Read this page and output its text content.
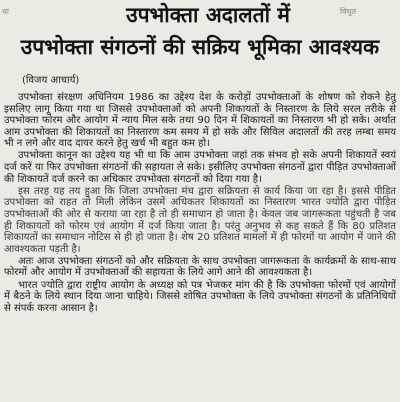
धा	विधुत
उपभोक्ता अदालतों में
उपभोक्ता संगठनों की सक्रिय भूमिका आवश्यक
(विजय आचार्य)

उपभोक्ता संरक्षण अधिनियम 1986 का उद्देश्य देश के करोड़ों उपभोक्ताओं के शोषण को रोकने हेतु इसलिए लागू किया गया था जिससे उपभोक्ताओं को अपनी शिकायतों के निस्तारण के लिये सरल तरीके से उपभोक्ता फोरम और आयोग में न्याय मिल सके तथा 90 दिन में शिकायतों का निस्तारण भी हो सके। अर्थात आम उपभोक्ता की शिकायतों का निस्तारण कम समय में हो सके और सिविल अदालतों की तरह लम्बा समय भी न लगे और वाद दायर करने हेतु खर्च भी बहुत कम हो।

उपभोक्ता कानून का उद्देश्य यह भी था कि आम उपभोक्ता जहां तक संभव हो सके अपनी शिकायतें स्वयं दर्ज करें या फिर उपभोक्ता संगठनों की सहायता ले सके। इसीलिए उपभोक्ता संगठनों द्वारा पीड़ित उपभोक्ताओं की शिकायतें दर्ज करने का अधिकार उपभोक्ता संगठनों को दिया गया है।

इस तरह यह तय हुआ कि जिला उपभोक्ता मंच द्वारा सक्रियता से कार्य किया जा रहा है। इससे पीड़ित उपभोक्ता को राहत तो मिली लेकिन उसमें अधिकतर शिकायतों का निस्तारण भारत ज्योति द्वारा पीड़ित उपभोक्ताओं की ओर से कराया जा रहा है तो ही समाधान हो जाता है। केवल जब जागरूकता पहुंचती है जब ही शिकायतों को फोरम एवं आयोग में दर्ज किया जाता है। परंतु अनुभव से कह सकते हैं कि 80 प्रतिशत शिकायतों का समाधान नोटिस से ही हो जाता है। शेष 20 प्रतिशत मामलों में ही फोरमों या आयोग में जाने की आवश्यकता पड़ती है।

अतः आज उपभोक्ता संगठनों को और सक्रियता के साथ उपभोक्ता जागरूकता के कार्यक्रमों के साथ-साथ फोरमों और आयोग में उपभोक्ताओं की सहायता के लिये आगे आने की आवश्यकता है।

भारत ज्योति द्वारा राष्ट्रीय आयोग के अध्यक्ष को पत्र भेजकर मांग की है कि उपभोक्ता फोरमों एवं आयोगों में बैठने के लिये स्थान दिया जाना चाहिये। जिससे शोषित उपभोक्ता के लिये उपभोक्ता संगठनों के प्रतिनिधियों से संपर्क करना आसान है।
